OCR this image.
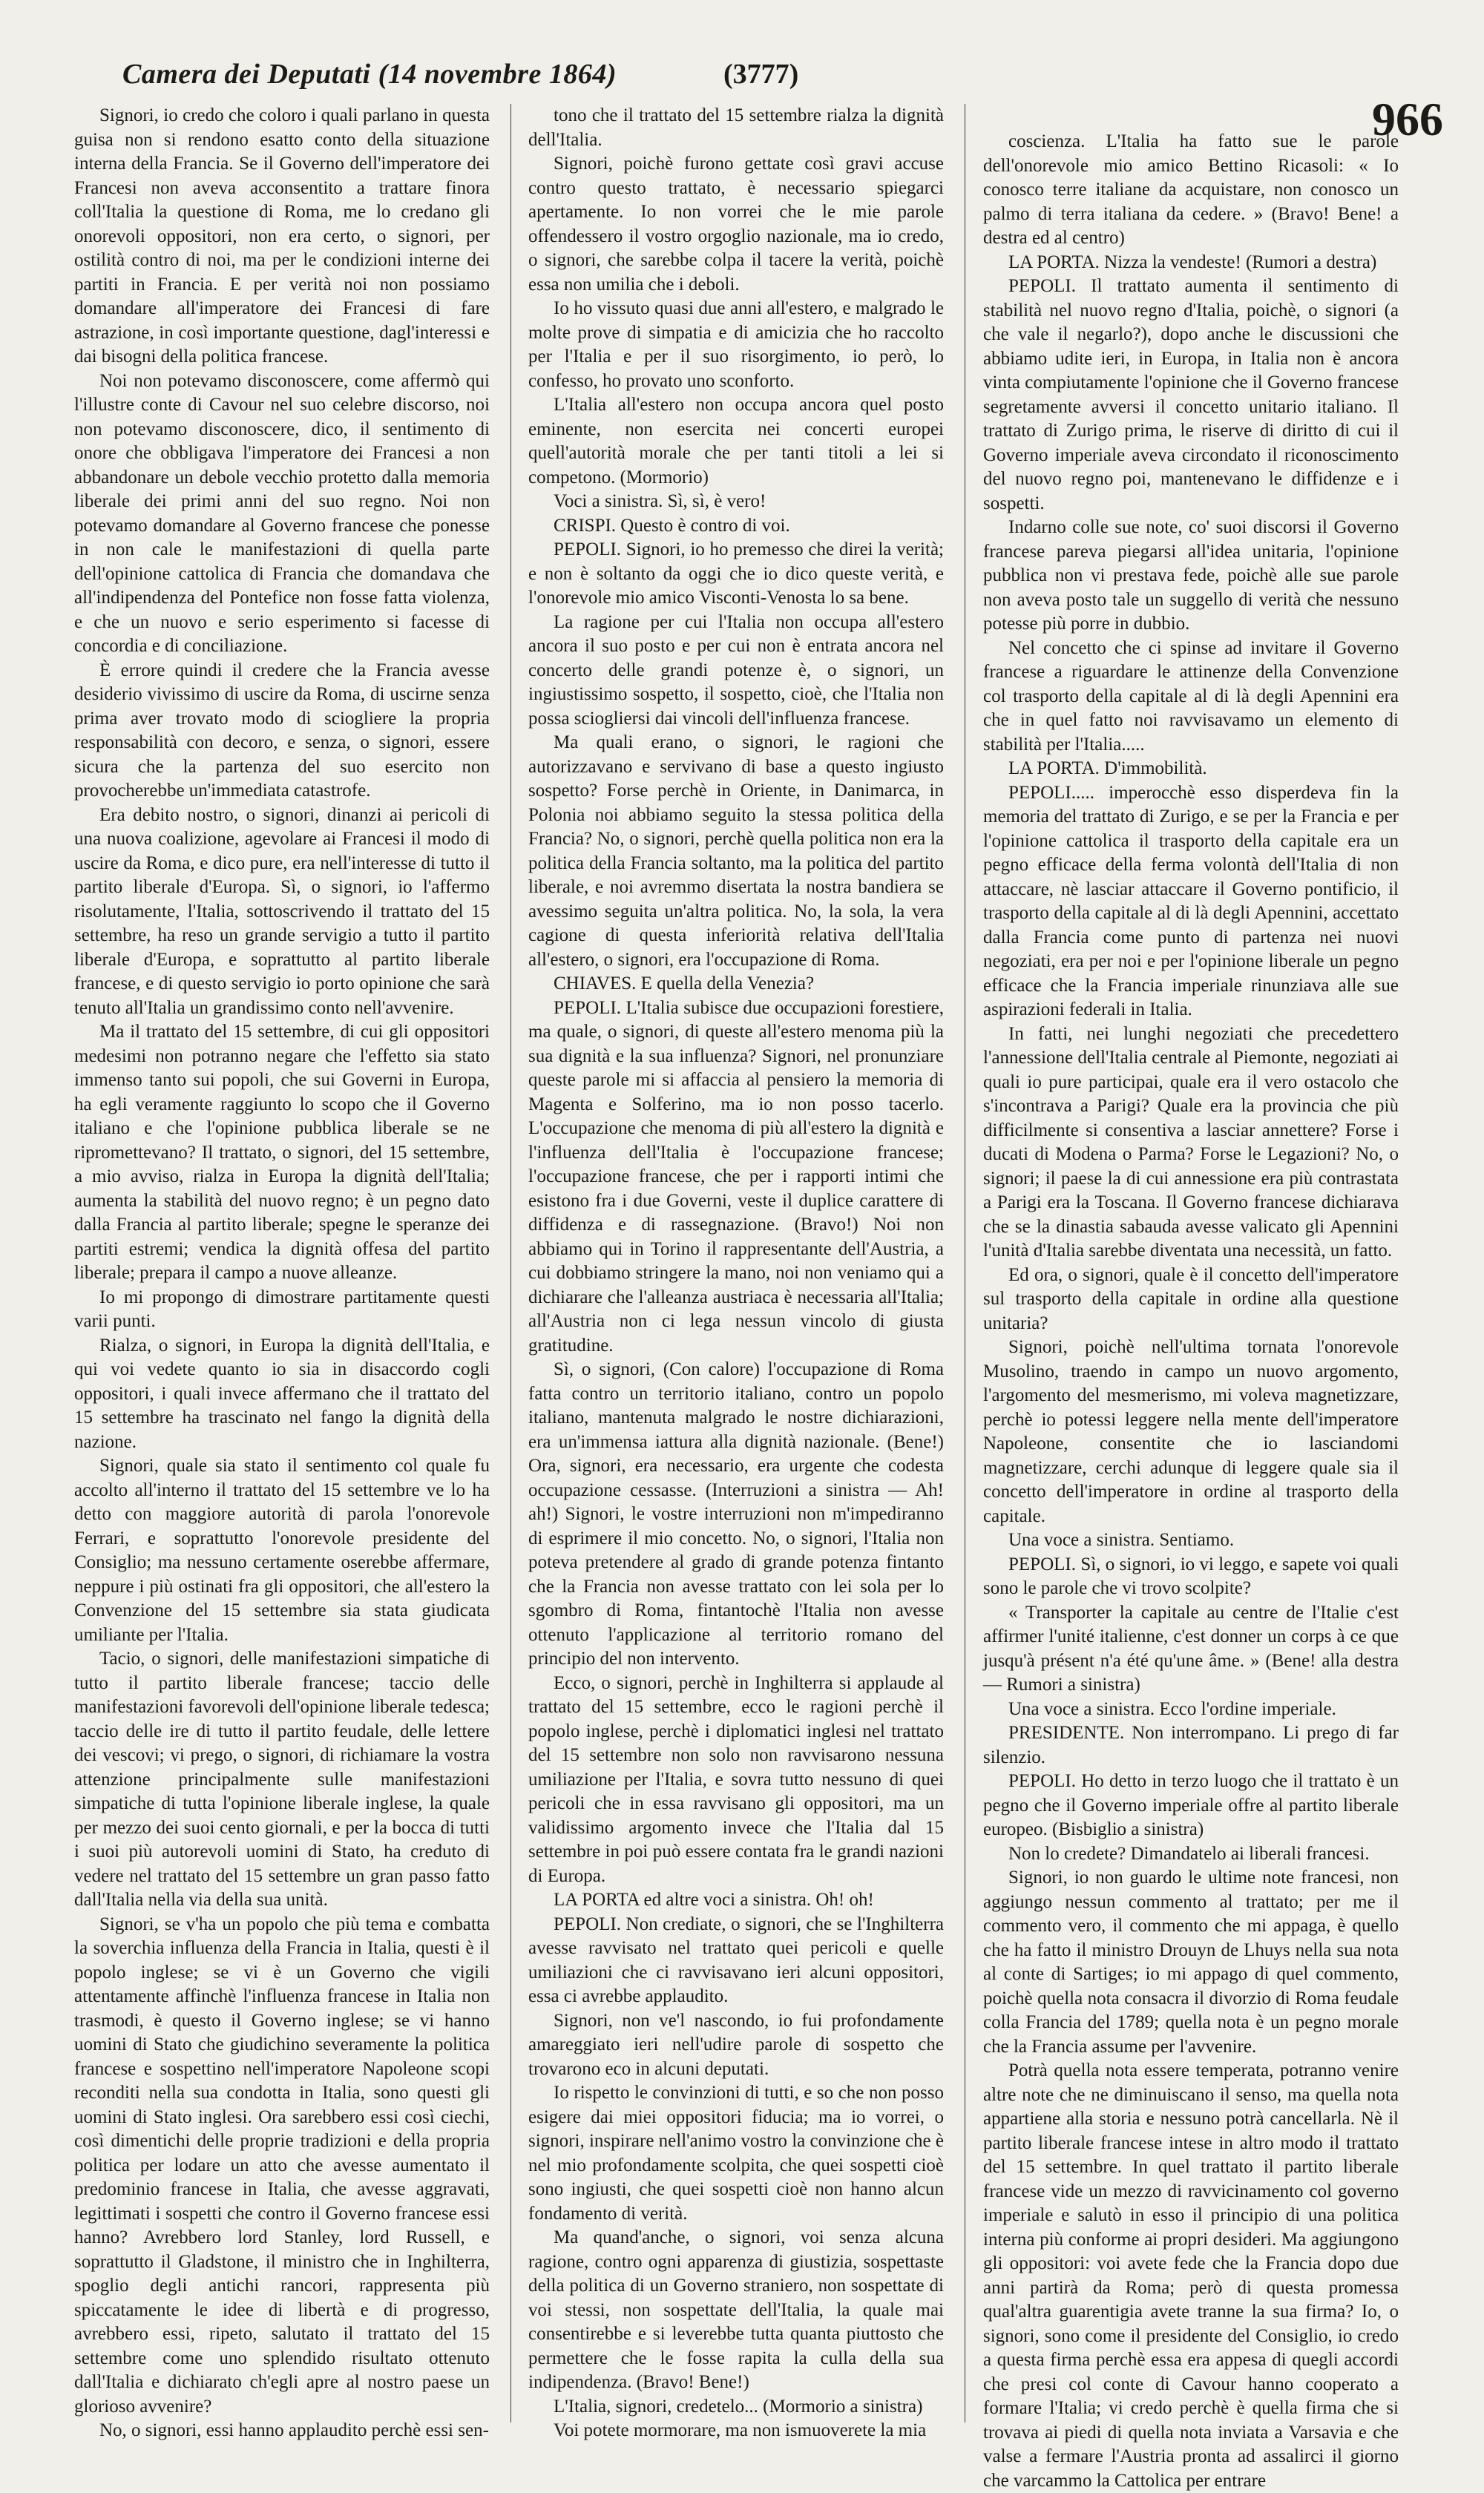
Camera dei Deputati (14 novembre 1864)	(3777)
966

Signori, io credo che coloro i quali parlano in questa guisa non si rendono esatto conto della situazione interna della Francia. Se il Governo dell'imperatore dei Francesi non aveva acconsentito a trattare finora coll'Italia la questione di Roma, me lo credano gli onorevoli oppositori, non era certo, o signori, per ostilità contro di noi, ma per le condizioni interne dei partiti in Francia. E per verità noi non possiamo domandare all'imperatore dei Francesi di fare astrazione, in così importante questione, dagl'interessi e dai bisogni della politica francese.

Noi non potevamo disconoscere, come affermò qui l'illustre conte di Cavour nel suo celebre discorso, noi non potevamo disconoscere, dico, il sentimento di onore che obbligava l'imperatore dei Francesi a non abbandonare un debole vecchio protetto dalla memoria liberale dei primi anni del suo regno. Noi non potevamo domandare al Governo francese che ponesse in non cale le manifestazioni di quella parte dell'opinione cattolica di Francia che domandava che all'indipendenza del Pontefice non fosse fatta violenza, e che un nuovo e serio esperimento si facesse di concordia e di conciliazione.

È errore quindi il credere che la Francia avesse desiderio vivissimo di uscire da Roma, di uscirne senza prima aver trovato modo di sciogliere la propria responsabilità con decoro, e senza, o signori, essere sicura che la partenza del suo esercito non provocherebbe un'immediata catastrofe.

Era debito nostro, o signori, dinanzi ai pericoli di una nuova coalizione, agevolare ai Francesi il modo di uscire da Roma, e dico pure, era nell'interesse di tutto il partito liberale d'Europa. Sì, o signori, io l'affermo risolutamente, l'Italia, sottoscrivendo il trattato del 15 settembre, ha reso un grande servigio a tutto il partito liberale d'Europa, e soprattutto al partito liberale francese, e di questo servigio io porto opinione che sarà tenuto all'Italia un grandissimo conto nell'avvenire.

Ma il trattato del 15 settembre, di cui gli oppositori medesimi non potranno negare che l'effetto sia stato immenso tanto sui popoli, che sui Governi in Europa, ha egli veramente raggiunto lo scopo che il Governo italiano e che l'opinione pubblica liberale se ne ripromettevano? Il trattato, o signori, del 15 settembre, a mio avviso, rialza in Europa la dignità dell'Italia; aumenta la stabilità del nuovo regno; è un pegno dato dalla Francia al partito liberale; spegne le speranze dei partiti estremi; vendica la dignità offesa del partito liberale; prepara il campo a nuove alleanze.

Io mi propongo di dimostrare partitamente questi varii punti.

Rialza, o signori, in Europa la dignità dell'Italia, e qui voi vedete quanto io sia in disaccordo cogli oppositori, i quali invece affermano che il trattato del 15 settembre ha trascinato nel fango la dignità della nazione.

Signori, quale sia stato il sentimento col quale fu accolto all'interno il trattato del 15 settembre ve lo ha detto con maggiore autorità di parola l'onorevole Ferrari, e soprattutto l'onorevole presidente del Consiglio; ma nessuno certamente oserebbe affermare, neppure i più ostinati fra gli oppositori, che all'estero la Convenzione del 15 settembre sia stata giudicata umiliante per l'Italia.

Tacio, o signori, delle manifestazioni simpatiche di tutto il partito liberale francese; taccio delle manifestazioni favorevoli dell'opinione liberale tedesca; taccio delle ire di tutto il partito feudale, delle lettere dei vescovi; vi prego, o signori, di richiamare la vostra attenzione principalmente sulle manifestazioni simpatiche di tutta l'opinione liberale inglese, la quale per mezzo dei suoi cento giornali, e per la bocca di tutti i suoi più autorevoli uomini di Stato, ha creduto di vedere nel trattato del 15 settembre un gran passo fatto dall'Italia nella via della sua unità.

Signori, se v'ha un popolo che più tema e combatta la soverchia influenza della Francia in Italia, questi è il popolo inglese; se vi è un Governo che vigili attentamente affinchè l'influenza francese in Italia non trasmodi, è questo il Governo inglese; se vi hanno uomini di Stato che giudichino severamente la politica francese e sospettino nell'imperatore Napoleone scopi reconditi nella sua condotta in Italia, sono questi gli uomini di Stato inglesi. Ora sarebbero essi così ciechi, così dimentichi delle proprie tradizioni e della propria politica per lodare un atto che avesse aumentato il predominio francese in Italia, che avesse aggravati, legittimati i sospetti che contro il Governo francese essi hanno? Avrebbero lord Stanley, lord Russell, e soprattutto il Gladstone, il ministro che in Inghilterra, spoglio degli antichi rancori, rappresenta più spiccatamente le idee di libertà e di progresso, avrebbero essi, ripeto, salutato il trattato del 15 settembre come uno splendido risultato ottenuto dall'Italia e dichiarato ch'egli apre al nostro paese un glorioso avvenire?

No, o signori, essi hanno applaudito perchè essi sen-

tono che il trattato del 15 settembre rialza la dignità dell'Italia.

Signori, poichè furono gettate così gravi accuse contro questo trattato, è necessario spiegarci apertamente. Io non vorrei che le mie parole offendessero il vostro orgoglio nazionale, ma io credo, o signori, che sarebbe colpa il tacere la verità, poichè essa non umilia che i deboli.

Io ho vissuto quasi due anni all'estero, e malgrado le molte prove di simpatia e di amicizia che ho raccolto per l'Italia e per il suo risorgimento, io però, lo confesso, ho provato uno sconforto.

L'Italia all'estero non occupa ancora quel posto eminente, non esercita nei concerti europei quell'autorità morale che per tanti titoli a lei si competono. (Mormorio)

Voci a sinistra. Sì, sì, è vero!

CRISPI. Questo è contro di voi.

PEPOLI. Signori, io ho premesso che direi la verità; e non è soltanto da oggi che io dico queste verità, e l'onorevole mio amico Visconti-Venosta lo sa bene.

La ragione per cui l'Italia non occupa all'estero ancora il suo posto e per cui non è entrata ancora nel concerto delle grandi potenze è, o signori, un ingiustissimo sospetto, il sospetto, cioè, che l'Italia non possa sciogliersi dai vincoli dell'influenza francese.

Ma quali erano, o signori, le ragioni che autorizzavano e servivano di base a questo ingiusto sospetto? Forse perchè in Oriente, in Danimarca, in Polonia noi abbiamo seguito la stessa politica della Francia? No, o signori, perchè quella politica non era la politica della Francia soltanto, ma la politica del partito liberale, e noi avremmo disertata la nostra bandiera se avessimo seguita un'altra politica. No, la sola, la vera cagione di questa inferiorità relativa dell'Italia all'estero, o signori, era l'occupazione di Roma.

CHIAVES. E quella della Venezia?

PEPOLI. L'Italia subisce due occupazioni forestiere, ma quale, o signori, di queste all'estero menoma più la sua dignità e la sua influenza? Signori, nel pronunziare queste parole mi si affaccia al pensiero la memoria di Magenta e Solferino, ma io non posso tacerlo. L'occupazione che menoma di più all'estero la dignità e l'influenza dell'Italia è l'occupazione francese; l'occupazione francese, che per i rapporti intimi che esistono fra i due Governi, veste il duplice carattere di diffidenza e di rassegnazione. (Bravo!) Noi non abbiamo qui in Torino il rappresentante dell'Austria, a cui dobbiamo stringere la mano, noi non veniamo qui a dichiarare che l'alleanza austriaca è necessaria all'Italia; all'Austria non ci lega nessun vincolo di giusta gratitudine.

Sì, o signori, (Con calore) l'occupazione di Roma fatta contro un territorio italiano, contro un popolo italiano, mantenuta malgrado le nostre dichiarazioni, era un'immensa iattura alla dignità nazionale. (Bene!) Ora, signori, era necessario, era urgente che codesta occupazione cessasse. (Interruzioni a sinistra — Ah! ah!) Signori, le vostre interruzioni non m'impediranno di esprimere il mio concetto. No, o signori, l'Italia non poteva pretendere al grado di grande potenza fintanto che la Francia non avesse trattato con lei sola per lo sgombro di Roma, fintantochè l'Italia non avesse ottenuto l'applicazione al territorio romano del principio del non intervento.

Ecco, o signori, perchè in Inghilterra si applaude al trattato del 15 settembre, ecco le ragioni perchè il popolo inglese, perchè i diplomatici inglesi nel trattato del 15 settembre non solo non ravvisarono nessuna umiliazione per l'Italia, e sovra tutto nessuno di quei pericoli che in essa ravvisano gli oppositori, ma un validissimo argomento invece che l'Italia dal 15 settembre in poi può essere contata fra le grandi nazioni di Europa.

LA PORTA ed altre voci a sinistra. Oh! oh!

PEPOLI. Non crediate, o signori, che se l'Inghilterra avesse ravvisato nel trattato quei pericoli e quelle umiliazioni che ci ravvisavano ieri alcuni oppositori, essa ci avrebbe applaudito.

Signori, non ve'l nascondo, io fui profondamente amareggiato ieri nell'udire parole di sospetto che trovarono eco in alcuni deputati.

Io rispetto le convinzioni di tutti, e so che non posso esigere dai miei oppositori fiducia; ma io vorrei, o signori, inspirare nell'animo vostro la convinzione che è nel mio profondamente scolpita, che quei sospetti cioè sono ingiusti, che quei sospetti cioè non hanno alcun fondamento di verità.

Ma quand'anche, o signori, voi senza alcuna ragione, contro ogni apparenza di giustizia, sospettaste della politica di un Governo straniero, non sospettate di voi stessi, non sospettate dell'Italia, la quale mai consentirebbe e si leverebbe tutta quanta piuttosto che permettere che le fosse rapita la culla della sua indipendenza. (Bravo! Bene!)

L'Italia, signori, credetelo... (Mormorio a sinistra)

Voi potete mormorare, ma non ismuoverete la mia

coscienza. L'Italia ha fatto sue le parole dell'onorevole mio amico Bettino Ricasoli: « Io conosco terre italiane da acquistare, non conosco un palmo di terra italiana da cedere. » (Bravo! Bene! a destra ed al centro)

LA PORTA. Nizza la vendeste! (Rumori a destra)

PEPOLI. Il trattato aumenta il sentimento di stabilità nel nuovo regno d'Italia, poichè, o signori (a che vale il negarlo?), dopo anche le discussioni che abbiamo udite ieri, in Europa, in Italia non è ancora vinta compiutamente l'opinione che il Governo francese segretamente avversi il concetto unitario italiano. Il trattato di Zurigo prima, le riserve di diritto di cui il Governo imperiale aveva circondato il riconoscimento del nuovo regno poi, mantenevano le diffidenze e i sospetti.

Indarno colle sue note, co' suoi discorsi il Governo francese pareva piegarsi all'idea unitaria, l'opinione pubblica non vi prestava fede, poichè alle sue parole non aveva posto tale un suggello di verità che nessuno potesse più porre in dubbio.

Nel concetto che ci spinse ad invitare il Governo francese a riguardare le attinenze della Convenzione col trasporto della capitale al di là degli Apennini era che in quel fatto noi ravvisavamo un elemento di stabilità per l'Italia.....

LA PORTA. D'immobilità.

PEPOLI..... imperocchè esso disperdeva fin la memoria del trattato di Zurigo, e se per la Francia e per l'opinione cattolica il trasporto della capitale era un pegno efficace della ferma volontà dell'Italia di non attaccare, nè lasciar attaccare il Governo pontificio, il trasporto della capitale al di là degli Apennini, accettato dalla Francia come punto di partenza nei nuovi negoziati, era per noi e per l'opinione liberale un pegno efficace che la Francia imperiale rinunziava alle sue aspirazioni federali in Italia.

In fatti, nei lunghi negoziati che precedettero l'annessione dell'Italia centrale al Piemonte, negoziati ai quali io pure participai, quale era il vero ostacolo che s'incontrava a Parigi? Quale era la provincia che più difficilmente si consentiva a lasciar annettere? Forse i ducati di Modena o Parma? Forse le Legazioni? No, o signori; il paese la di cui annessione era più contrastata a Parigi era la Toscana. Il Governo francese dichiarava che se la dinastia sabauda avesse valicato gli Apennini l'unità d'Italia sarebbe diventata una necessità, un fatto.

Ed ora, o signori, quale è il concetto dell'imperatore sul trasporto della capitale in ordine alla questione unitaria?

Signori, poichè nell'ultima tornata l'onorevole Musolino, traendo in campo un nuovo argomento, l'argomento del mesmerismo, mi voleva magnetizzare, perchè io potessi leggere nella mente dell'imperatore Napoleone, consentite che io lasciandomi magnetizzare, cerchi adunque di leggere quale sia il concetto dell'imperatore in ordine al trasporto della capitale.

Una voce a sinistra. Sentiamo.

PEPOLI. Sì, o signori, io vi leggo, e sapete voi quali sono le parole che vi trovo scolpite?

« Transporter la capitale au centre de l'Italie c'est affirmer l'unité italienne, c'est donner un corps à ce que jusqu'à présent n'a été qu'une âme. » (Bene! alla destra — Rumori a sinistra)

Una voce a sinistra. Ecco l'ordine imperiale.

PRESIDENTE. Non interrompano. Li prego di far silenzio.

PEPOLI. Ho detto in terzo luogo che il trattato è un pegno che il Governo imperiale offre al partito liberale europeo. (Bisbiglio a sinistra)

Non lo credete? Dimandatelo ai liberali francesi.

Signori, io non guardo le ultime note francesi, non aggiungo nessun commento al trattato; per me il commento vero, il commento che mi appaga, è quello che ha fatto il ministro Drouyn de Lhuys nella sua nota al conte di Sartiges; io mi appago di quel commento, poichè quella nota consacra il divorzio di Roma feudale colla Francia del 1789; quella nota è un pegno morale che la Francia assume per l'avvenire.

Potrà quella nota essere temperata, potranno venire altre note che ne diminuiscano il senso, ma quella nota appartiene alla storia e nessuno potrà cancellarla. Nè il partito liberale francese intese in altro modo il trattato del 15 settembre. In quel trattato il partito liberale francese vide un mezzo di ravvicinamento col governo imperiale e salutò in esso il principio di una politica interna più conforme ai propri desideri. Ma aggiungono gli oppositori: voi avete fede che la Francia dopo due anni partirà da Roma; però di questa promessa qual'altra guarentigia avete tranne la sua firma? Io, o signori, sono come il presidente del Consiglio, io credo a questa firma perchè essa era appesa di quegli accordi che presi col conte di Cavour hanno cooperato a formare l'Italia; vi credo perchè è quella firma che si trovava ai piedi di quella nota inviata a Varsavia e che valse a fermare l'Austria pronta ad assalirci il giorno che varcammo la Cattolica per entrare
